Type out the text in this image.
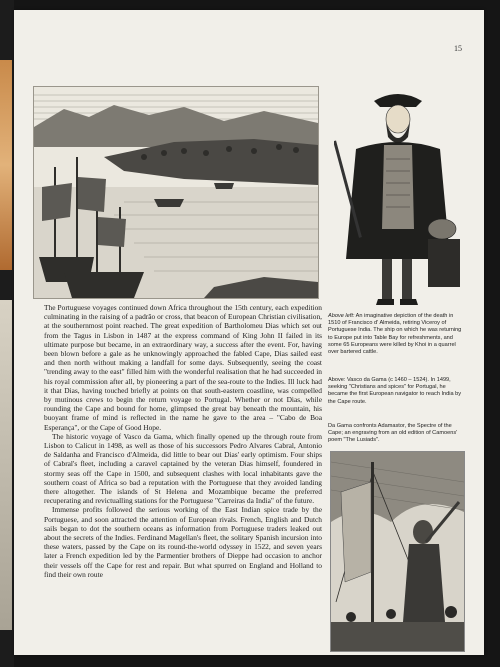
15

The Portuguese voyages continued down Africa throughout the 15th century, each expedition culminating in the raising of a padrão or cross, that beacon of European Christian civilisation, at the southernmost point reached. The great expedition of Bartholomeu Dias which set out from the Tagus in Lisbon in 1487 at the express command of King John II failed in its ultimate purpose but became, in an extraordinary way, a success after the event. For, having been blown before a gale as he unknowingly approached the fabled Cape, Dias sailed east and then north without making a landfall for some days. Subsequently, seeing the coast "trending away to the east" filled him with the wonderful realisation that he had succeeded in his royal commission after all, by pioneering a part of the sea-route to the Indies. Ill luck had it that Dias, having touched briefly at points on that south-eastern coastline, was compelled by mutinous crews to begin the return voyage to Portugal. Whether or not Dias, while rounding the Cape and bound for home, glimpsed the great bay beneath the mountain, his buoyant frame of mind is reflected in the name he gave to the area – "Cabo de Boa Esperança", or the Cape of Good Hope.

The historic voyage of Vasco da Gama, which finally opened up the through route from Lisbon to Calicut in 1498, as well as those of his successors Pedro Alvares Cabral, Antonio de Saldanha and Francisco d'Almeida, did little to bear out Dias' early optimism. Four ships of Cabral's fleet, including a caravel captained by the veteran Dias himself, foundered in stormy seas off the Cape in 1500, and subsequent clashes with local inhabitants gave the southern coast of Africa so bad a reputation with the Portuguese that they avoided landing there altogether. The islands of St Helena and Mozambique became the preferred recuperating and revictualling stations for the Portuguese "Carreiras da India" of the future.

Immense profits followed the serious working of the East Indian spice trade by the Portuguese, and soon attracted the attention of European rivals. French, English and Dutch sails began to dot the southern oceans as information from Portuguese traders leaked out about the secrets of the Indies. Ferdinand Magellan's fleet, the solitary Spanish incursion into these waters, passed by the Cape on its round-the-world odyssey in 1522, and seven years later a French expedition led by the Parmentier brothers of Dieppe had occasion to anchor their vessels off the Cape for rest and repair. But what spurred on England and Holland to find their own route

Above left: An imaginative depiction of the death in 1510 of Francisco d' Almeida, retiring Viceroy of Portuguese India. The ship on which he was returning to Europe put into Table Bay for refreshments, and some 65 Europeans were killed by Khoi in a quarrel over bartered cattle.
Above: Vasco da Gama (c 1460 – 1524). In 1499, seeking "Christians and spices" for Portugal, he became the first European navigator to reach India by the Cape route.
Da Gama confronts Adamastor, the Spectre of the Cape; an engraving from an old edition of Camoens' poem "The Lusiads".
